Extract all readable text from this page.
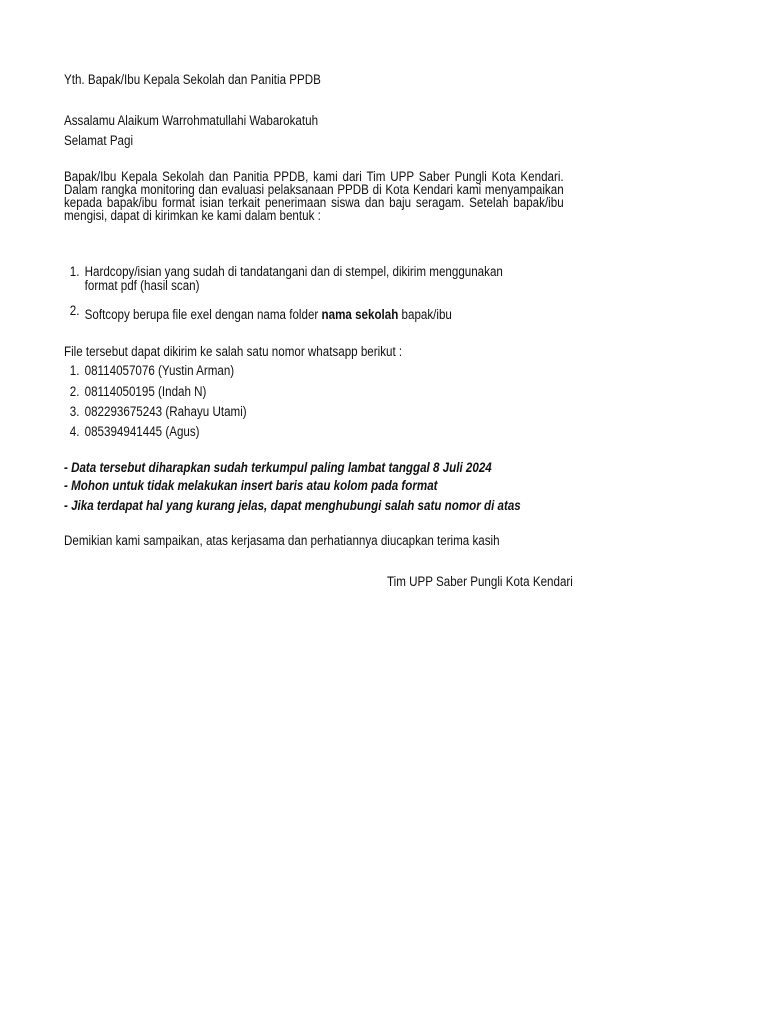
Yth. Bapak/Ibu Kepala Sekolah dan Panitia PPDB
Assalamu Alaikum Warrohmatullahi Wabarokatuh
Selamat Pagi

Bapak/Ibu Kepala Sekolah dan Panitia PPDB, kami dari Tim UPP Saber Pungli Kota Kendari. Dalam rangka monitoring dan evaluasi pelaksanaan PPDB di Kota Kendari kami menyampaikan kepada bapak/ibu format isian terkait penerimaan siswa dan baju seragam. Setelah bapak/ibu mengisi, dapat di kirimkan ke kami dalam bentuk :

1. Hardcopy/isian yang sudah di tandatangani dan di stempel, dikirim menggunakan
format pdf (hasil scan)
2. Softcopy berupa file exel dengan nama folder nama sekolah bapak/ibu
File tersebut dapat dikirim ke salah satu nomor whatsapp berikut :
1. 08114057076 (Yustin Arman)
2. 08114050195 (Indah N)
3. 082293675243 (Rahayu Utami)
4. 085394941445 (Agus)
- Data tersebut diharapkan sudah terkumpul paling lambat tanggal 8 Juli 2024
- Mohon untuk tidak melakukan insert baris atau kolom pada format
- Jika terdapat hal yang kurang jelas, dapat menghubungi salah satu nomor di atas
Demikian kami sampaikan, atas kerjasama dan perhatiannya diucapkan terima kasih
Tim UPP Saber Pungli Kota Kendari
